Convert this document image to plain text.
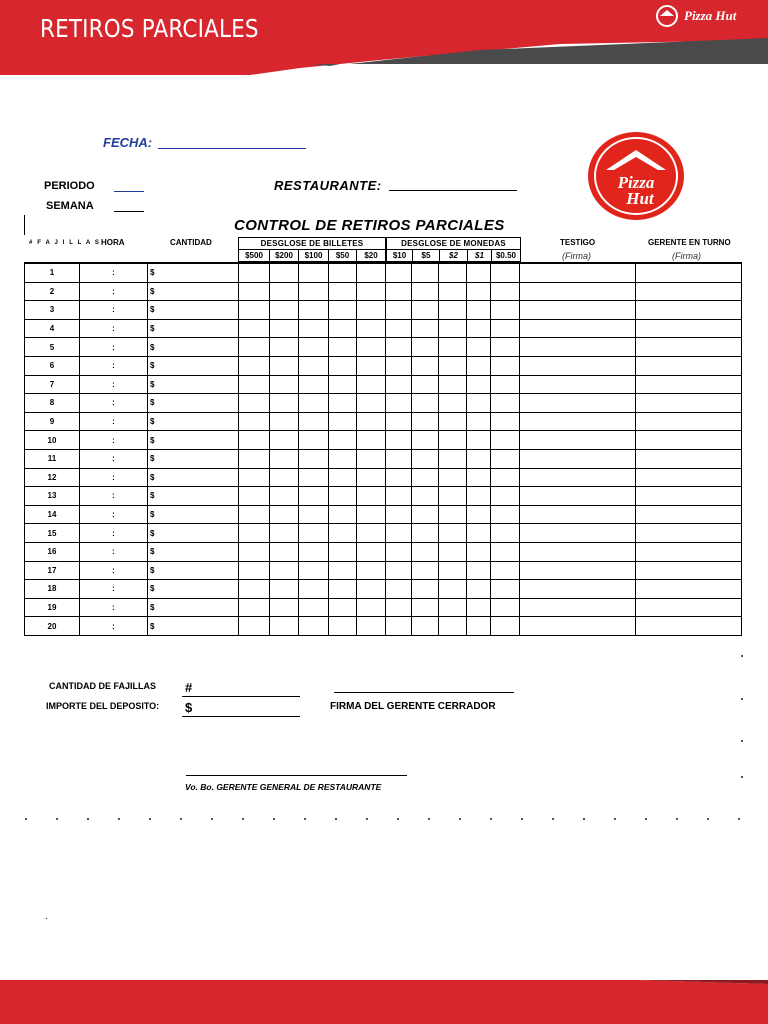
RETIROS PARCIALES	Pizza Hut
Pizza
Hut
FECHA:
PERIODO
SEMANA
RESTAURANTE:
CONTROL DE RETIROS PARCIALES
# F A J I L L A S HORA	CANTIDAD	DESGLOSE DE BILLETES
$500	$200	$100	$50	$20
DESGLOSE DE MONEDAS
$10	$5	$2	$1	$0.50
TESTIGO
(Firma)
GERENTE EN TURNO
(Firma)
1	:	$												
2	:	$												
3	:	$												
4	:	$												
5	:	$												
6	:	$												
7	:	$												
8	:	$												
9	:	$												
10	:	$												
11	:	$												
12	:	$												
13	:	$												
14	:	$												
15	:	$												
16	:	$												
17	:	$												
18	:	$												
19	:	$												
20	:	$												
CANTIDAD DE FAJILLAS #
IMPORTE DEL DEPOSITO: $	FIRMA DEL GERENTE CERRADOR
Vo. Bo. GERENTE GENERAL DE RESTAURANTE
.
